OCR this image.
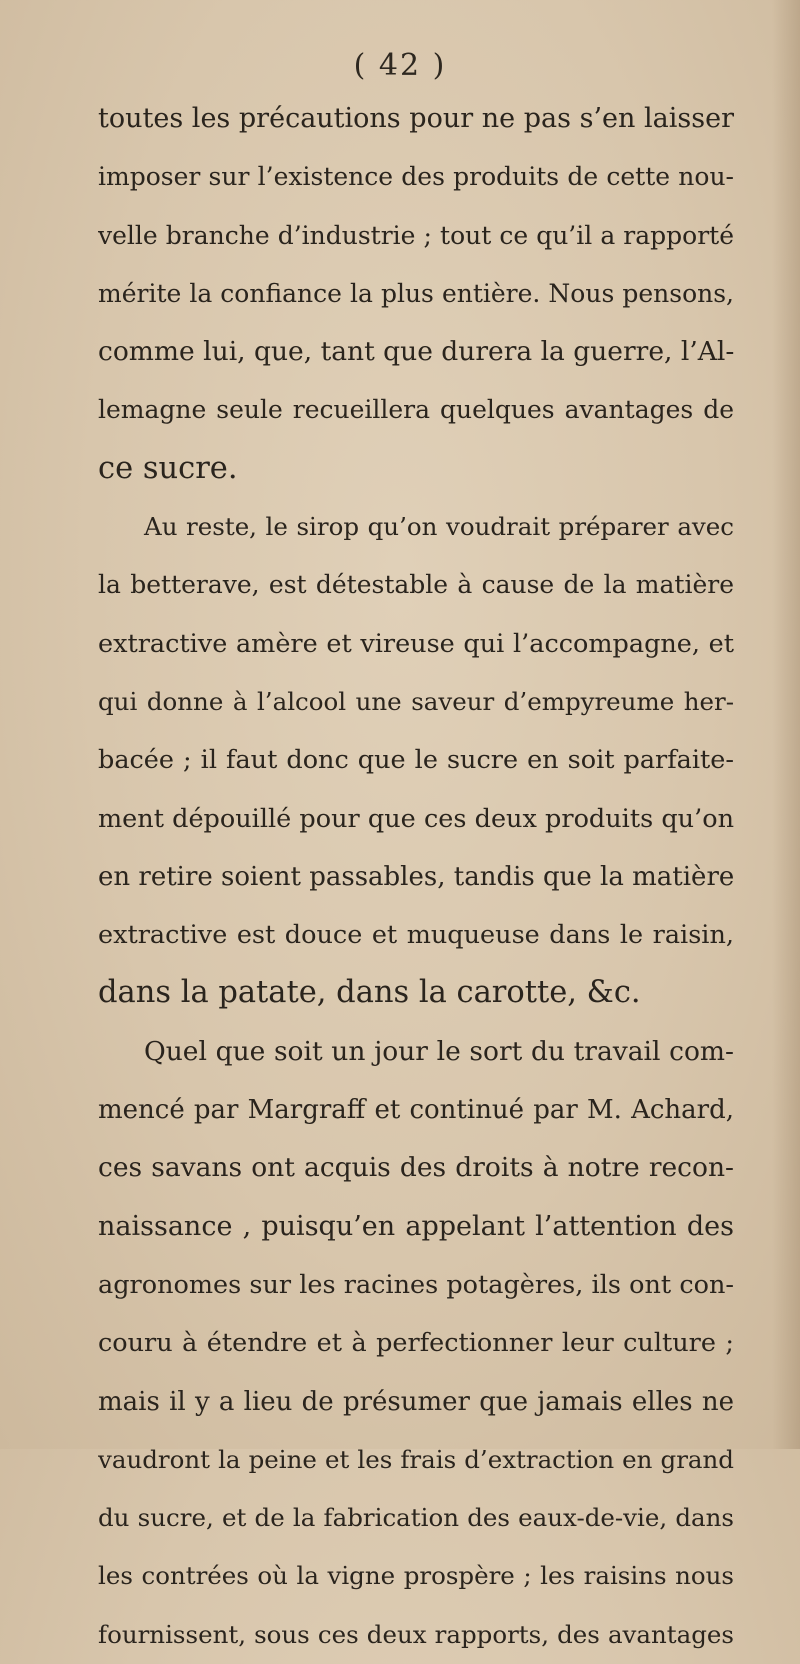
( 42 )
toutes les précautions pour ne pas s’en laisser
imposer sur l’existence des produits de cette nou-
velle branche d’industrie ; tout ce qu’il a rapporté
mérite la confiance la plus entière. Nous pensons,
comme lui, que, tant que durera la guerre, l’Al-
lemagne seule recueillera quelques avantages de
ce sucre.
Au reste, le sirop qu’on voudrait préparer avec
la betterave, est détestable à cause de la matière
extractive amère et vireuse qui l’accompagne, et
qui donne à l’alcool une saveur d’empyreume her-
bacée ; il faut donc que le sucre en soit parfaite-
ment dépouillé pour que ces deux produits qu’on
en retire soient passables, tandis que la matière
extractive est douce et muqueuse dans le raisin,
dans la patate, dans la carotte, &c.
Quel que soit un jour le sort du travail com-
mencé par Margraff et continué par M. Achard,
ces savans ont acquis des droits à notre recon-
naissance , puisqu’en appelant l’attention des
agronomes sur les racines potagères, ils ont con-
couru à étendre et à perfectionner leur culture ;
mais il y a lieu de présumer que jamais elles ne
vaudront la peine et les frais d’extraction en grand
du sucre, et de la fabrication des eaux-de-vie, dans
les contrées où la vigne prospère ; les raisins nous
fournissent, sous ces deux rapports, des avantages
